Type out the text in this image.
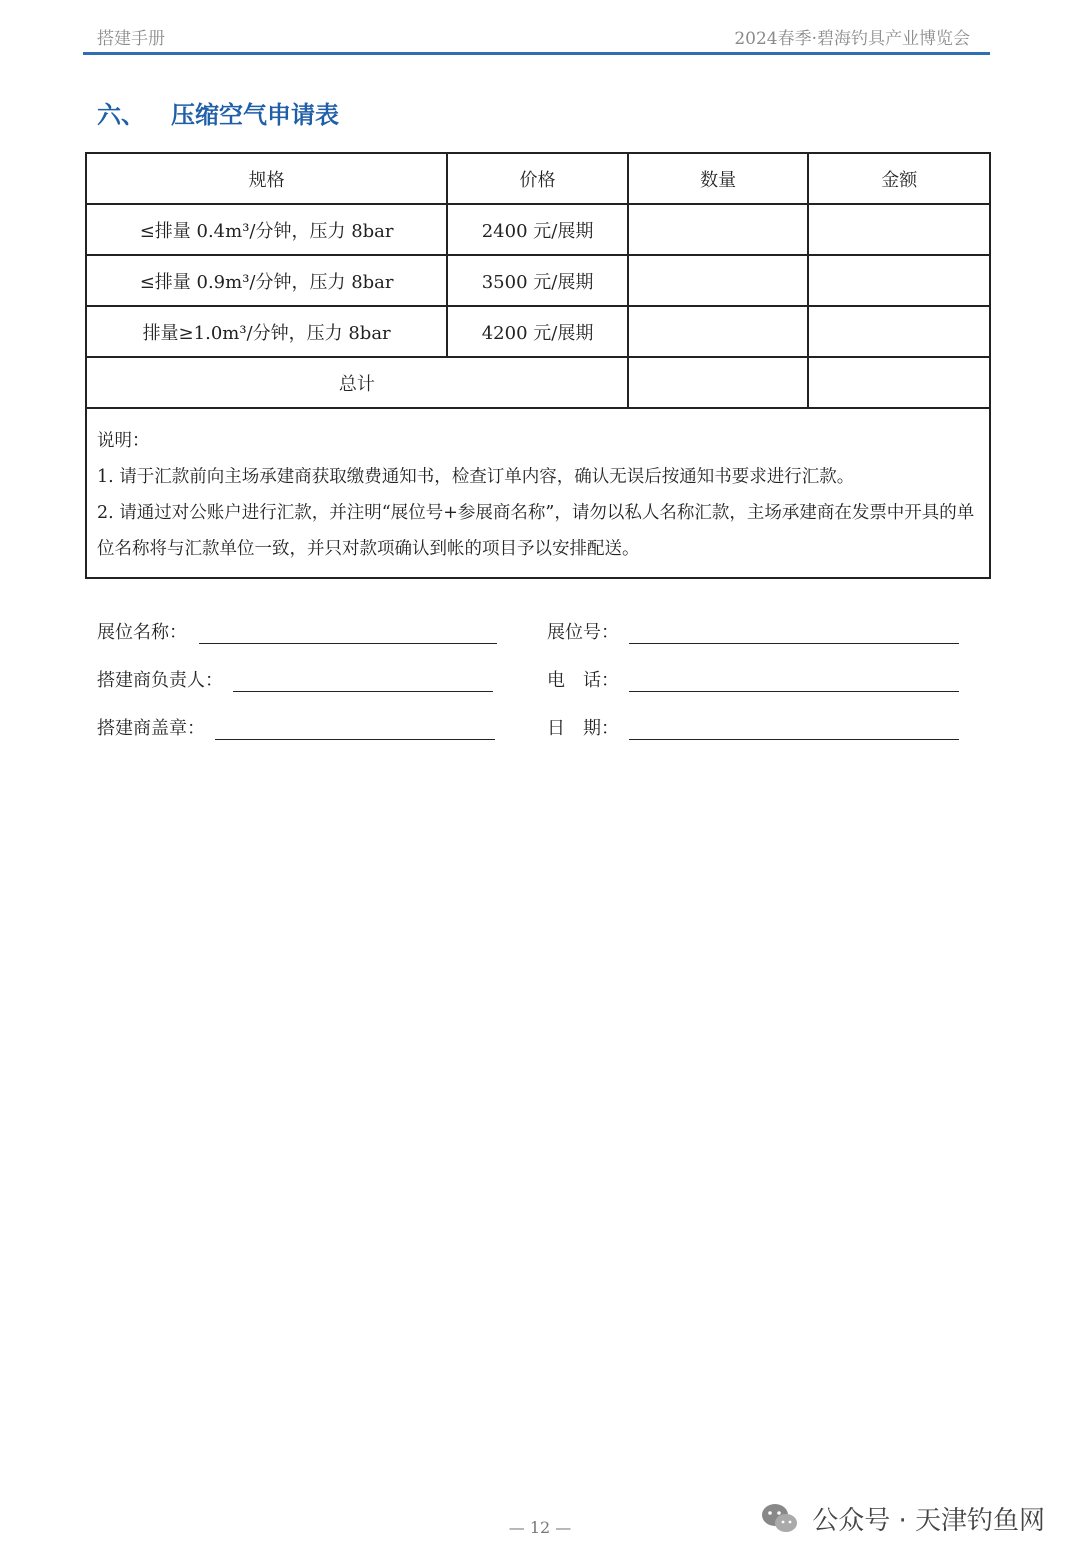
搭建手册	2024春季·碧海钓具产业博览会
六、 压缩空气申请表
规格	价格	数量	金额
≤排量 0.4m³/分钟，压力 8bar	2400 元/展期		
≤排量 0.9m³/分钟，压力 8bar	3500 元/展期		
排量≥1.0m³/分钟，压力 8bar	4200 元/展期		
总计			

说明：

1. 请于汇款前向主场承建商获取缴费通知书，检查订单内容，确认无误后按通知书要求进行汇款。

2. 请通过对公账户进行汇款，并注明“展位号+参展商名称”，请勿以私人名称汇款，主场承建商在发票中开具的单位名称将与汇款单位一致，并只对款项确认到帐的项目予以安排配送。			

展位名称：	展位号：
搭建商负责人：	电　话：
搭建商盖章：	日　期：
— 12 —	公众号 · 天津钓鱼网
